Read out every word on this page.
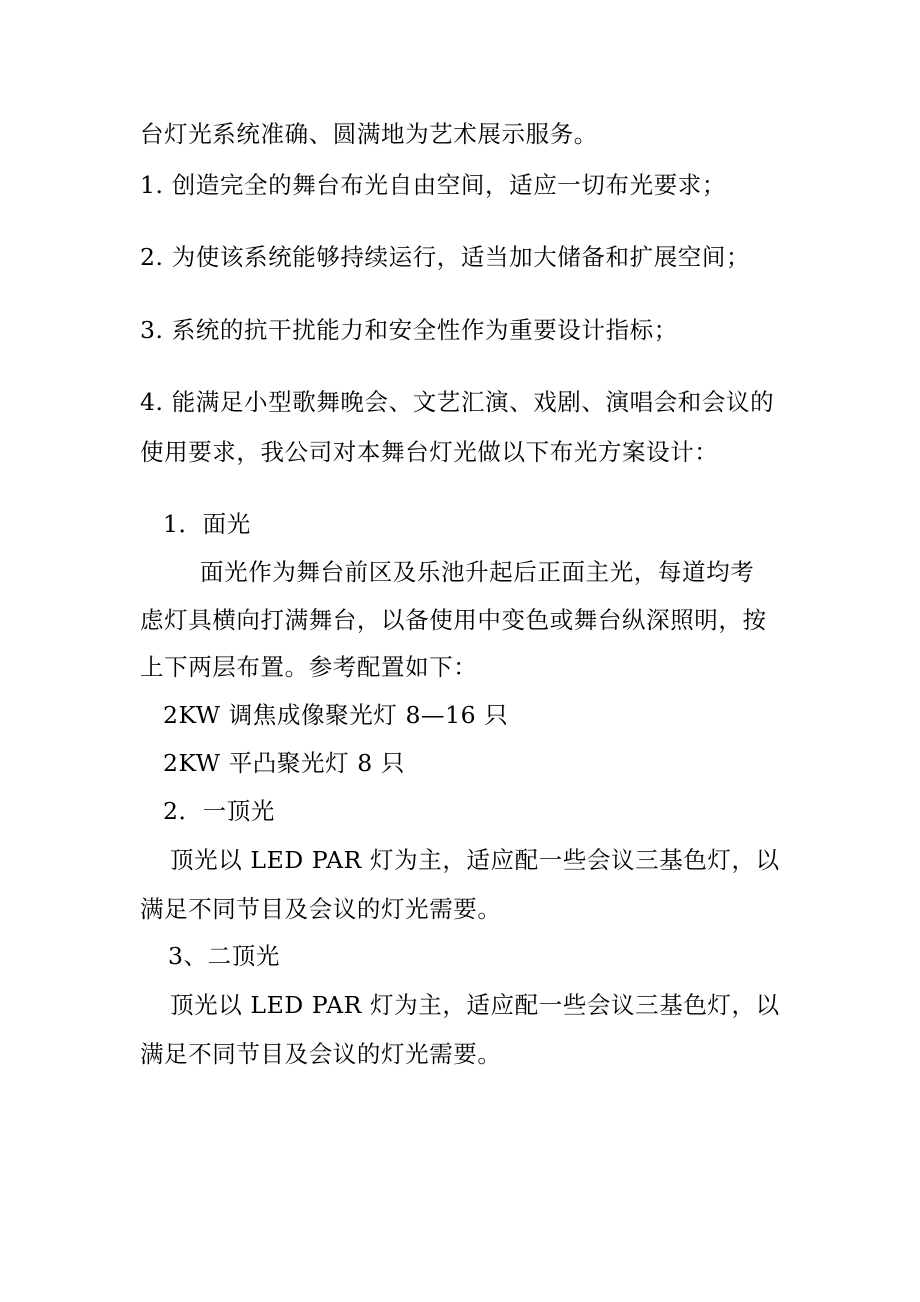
台灯光系统准确、圆满地为艺术展示服务。
1. 创造完全的舞台布光自由空间，适应一切布光要求；
2. 为使该系统能够持续运行，适当加大储备和扩展空间；
3. 系统的抗干扰能力和安全性作为重要设计指标；
4. 能满足小型歌舞晚会、文艺汇演、戏剧、演唱会和会议的
使用要求，我公司对本舞台灯光做以下布光方案设计：
1．面光
面光作为舞台前区及乐池升起后正面主光，每道均考
虑灯具横向打满舞台，以备使用中变色或舞台纵深照明，按
上下两层布置。参考配置如下：
2KW 调焦成像聚光灯 8—16 只
2KW 平凸聚光灯 8 只
2．一顶光
顶光以 LED PAR 灯为主，适应配一些会议三基色灯，以
满足不同节目及会议的灯光需要。
3、二顶光
顶光以 LED PAR 灯为主，适应配一些会议三基色灯，以
满足不同节目及会议的灯光需要。
